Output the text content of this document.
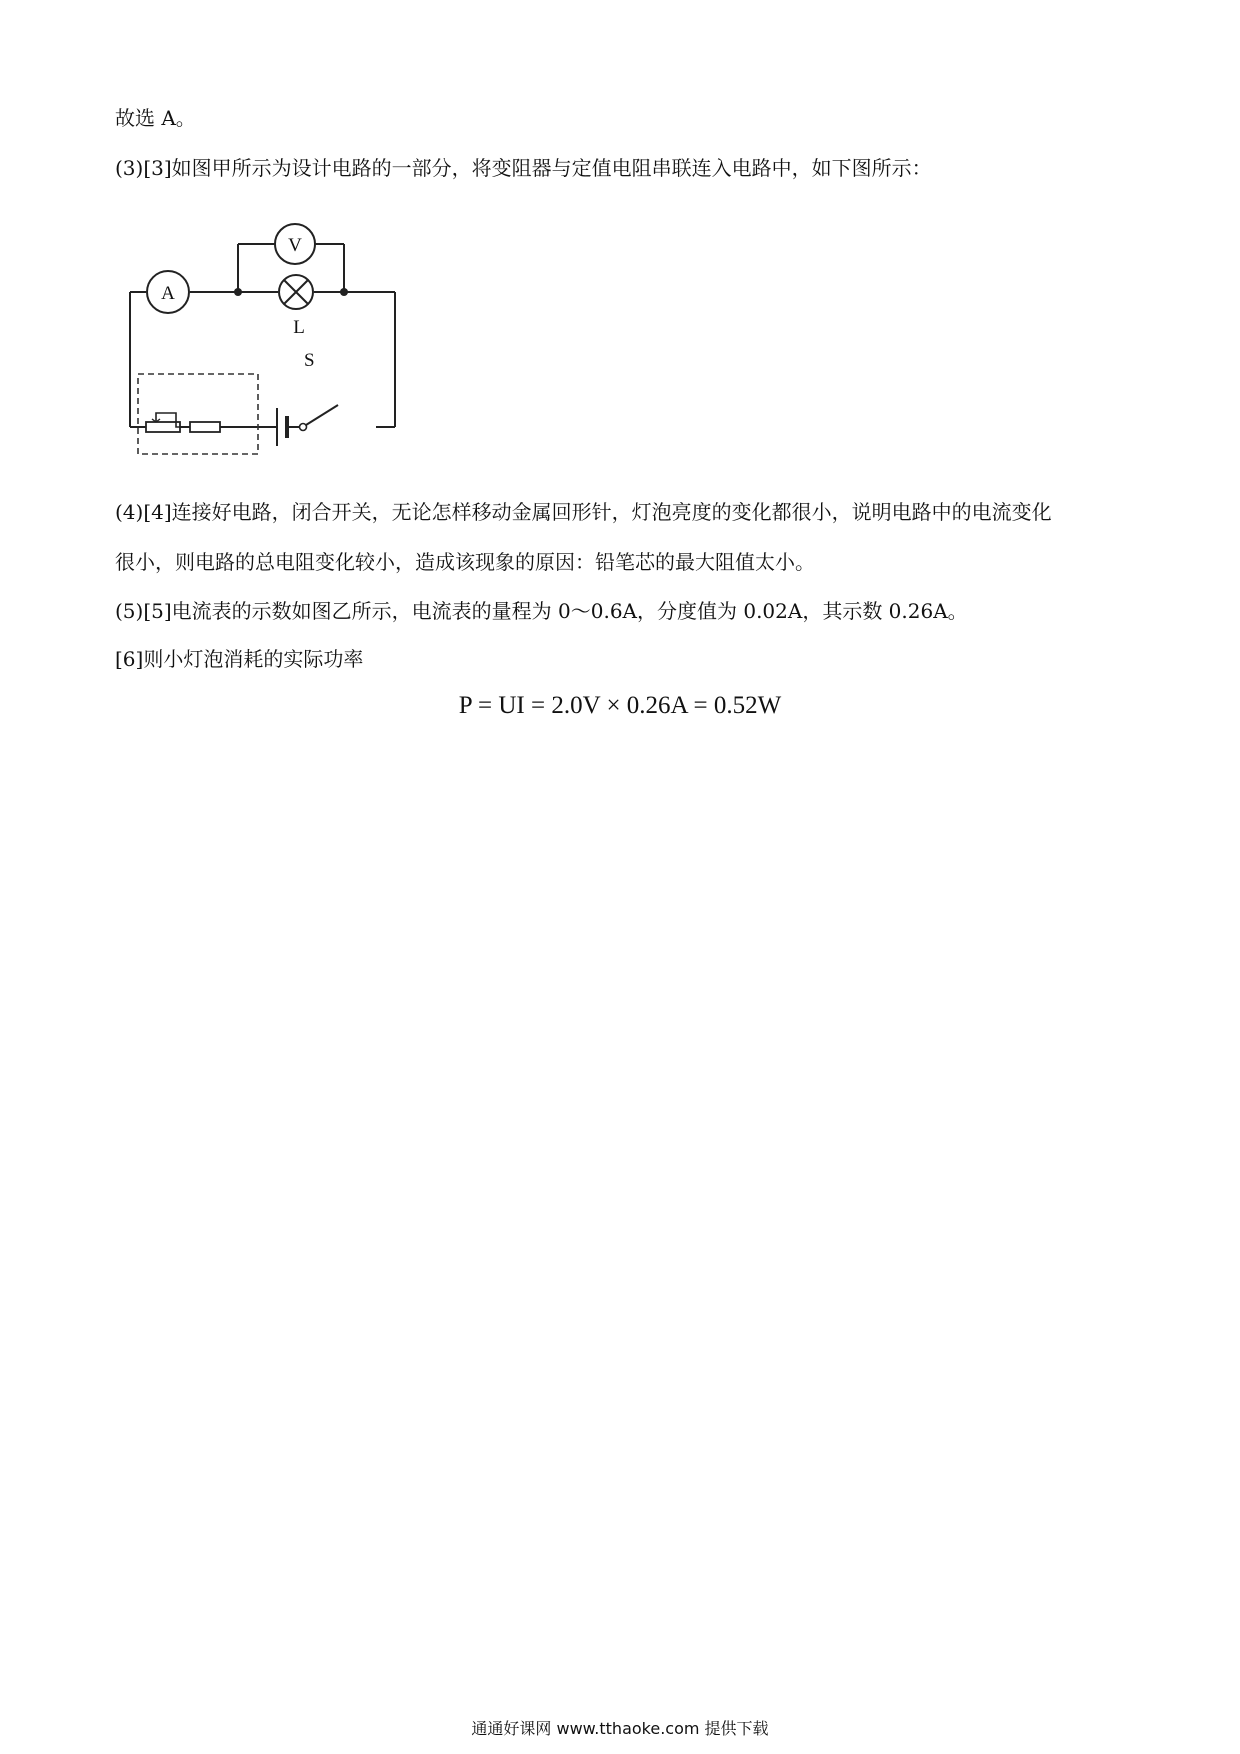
故选 A。
(3)[3]如图甲所示为设计电路的一部分，将变阻器与定值电阻串联连入电路中，如下图所示：
S
A
V
L
(4)[4]连接好电路，闭合开关，无论怎样移动金属回形针，灯泡亮度的变化都很小，说明电路中的电流变化
很小，则电路的总电阻变化较小，造成该现象的原因：铅笔芯的最大阻值太小。
(5)[5]电流表的示数如图乙所示，电流表的量程为 0～0.6A，分度值为 0.02A，其示数 0.26A。
[6]则小灯泡消耗的实际功率
P = UI = 2.0V × 0.26A = 0.52W
通通好课网 www.tthaoke.com 提供下载
